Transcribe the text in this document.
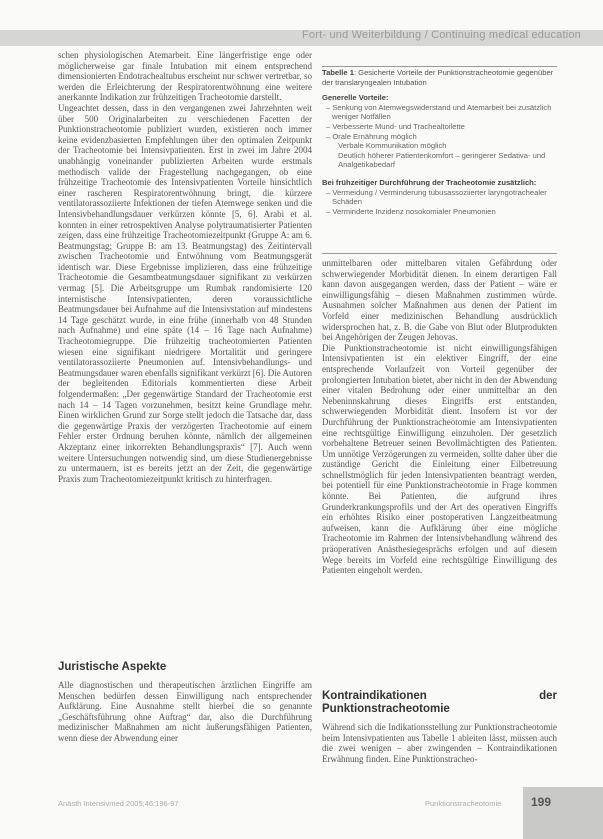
Fort- und Weiterbildung / Continuing medical education

schen physiologischen Atemarbeit. Eine längerfristige enge oder möglicherweise gar finale Intubation mit einem entsprechend dimensionierten Endotrachealtubus erscheint nur schwer vertretbar, so werden die Erleichterung der Respiratorentwöhnung eine weitere anerkannte Indikation zur frühzeitigen Tracheotomie darstellt.

Ungeachtet dessen, dass in den vergangenen zwei Jahrzehnten weit über 500 Originalarbeiten zu verschiedenen Facetten der Punktionstracheotomie publiziert wurden, existieren noch immer keine evidenzbasierten Empfehlungen über den optimalen Zeitpunkt der Tracheotomie bei Intensivpatienten. Erst in zwei im Jahre 2004 unabhängig voneinander publizierten Arbeiten wurde erstmals methodisch valide der Fragestellung nachgegangen, ob eine frühzeitige Tracheotomie des Intensivpatienten Vorteile hinsichtlich einer rascheren Respiratorentwöhnung bringt, die kürzere ventilatorassoziierte Infektionen der tiefen Atemwege senken und die Intensivbehandlungsdauer verkürzen könnte [5, 6]. Arabi et al. konnten in einer retrospektiven Analyse polytraumatisierter Patienten zeigen, dass eine frühzeitige Tracheotomiezeitpunkt (Gruppe A: am 6. Beatmungstag; Gruppe B: am 13. Beatmungstag) des Zeitintervall zwischen Tracheotomie und Entwöhnung vom Beatmungsgerät identisch war. Diese Ergebnisse implizieren, dass eine frühzeitige Tracheotomie die Gesamtbeatmungsdauer signifikant zu verkürzen vermag [5]. Die Arbeitsgruppe um Rumbak randomisierte 120 internistische Intensivpatienten, deren voraussichtliche Beatmungsdauer bei Aufnahme auf die Intensivstation auf mindestens 14 Tage geschätzt wurde, in eine frühe (innerhalb von 48 Stunden nach Aufnahme) und eine späte (14 – 16 Tage nach Aufnahme) Tracheotomiegruppe. Die frühzeitig tracheotomierten Patienten wiesen eine signifikant niedrigere Mortalität und geringere ventilatorassoziierte Pneumonien auf. Intensivbehandlungs- und Beatmungsdauer waren ebenfalls signifikant verkürzt [6]. Die Autoren der begleitenden Editorials kommentierten diese Arbeit folgendermaßen: „Der gegenwärtige Standard der Tracheotomie erst nach 14 – 14 Tagen vorzunehmen, besitzt keine Grundlage mehr. Einen wirklichen Grund zur Sorge stellt jedoch die Tatsache dar, dass die gegenwärtige Praxis der verzögerten Tracheotomie auf einem Fehler erster Ordnung beruhen könnte, nämlich der allgemeinen Akzeptanz einer inkorrekten Behandlungspraxis“ [7]. Auch wenn weitere Untersuchungen notwendig sind, um diese Studienergebnisse zu untermauern, ist es bereits jetzt an der Zeit, die gegenwärtige Praxis zum Tracheotomiezeitpunkt kritisch zu hinterfragen.

Juristische Aspekte

Alle diagnostischen und therapeutischen ärztlichen Eingriffe am Menschen bedürfen dessen Einwilligung nach entsprechender Aufklärung. Eine Ausnahme stellt hierbei die so genannte „Geschäftsführung ohne Auftrag“ dar, also die Durchführung medizinischer Maßnahmen am nicht äußerungsfähigen Patienten, wenn diese der Abwendung einer

Tabelle 1: Gesicherte Vorteile der Punktionstracheotomie gegenüber der translaryngealen Intubation
Generelle Vorteile:
– Senkung von Atemwegswiderstand und Atemarbeit bei zusätzlich weniger Notfällen
– Verbesserte Mund- und Trachealtoilette
– Orale Ernährung möglich
Verbale Kommunikation möglich
Deutlich höherer Patientenkomfort – geringerer Sedativa- und Analgetikabedarf
Bei frühzeitiger Durchführung der Tracheotomie zusätzlich:
– Vermeidung / Verminderung tubusassoziierter laryngotrachealer Schäden
– Verminderte Inzidenz nosokomialer Pneumonien

unmittelbaren oder mittelbaren vitalen Gefährdung oder schwerwiegender Morbidität dienen. In einem derartigen Fall kann davon ausgegangen werden, dass der Patient – wäre er einwilligungsfähig – diesen Maßnahmen zustimmen würde. Ausnahmen solcher Maßnahmen aus denen der Patient im Vorfeld einer medizinischen Behandlung ausdrücklich widersprochen hat, z. B. die Gabe von Blut oder Blutprodukten bei Angehörigen der Zeugen Jehovas.

Die Punktionstracheotomie ist nicht einwilligungsfähigen Intensivpatienten ist ein elektiver Eingriff, der eine entsprechende Vorlaufzeit von Vorteil gegenüber der prolongierten Intubation bietet, aber nicht in den der Abwendung einer vitalen Bedrohung oder einer unmittelbar an den Nebeninnskahrung dieses Eingriffs erst entstanden, schwerwiegenden Morbidität dient. Insofern ist vor der Durchführung der Punktionstracheotomie am Intensivpatienten eine rechtsgültige Einwilligung einzuholen. Der gesetzlich vorbehaltene Betreuer seinen Bevollmächtigten des Patienten. Um unnötige Verzögerungen zu vermeiden, sollte daher über die zuständige Gericht die Einleitung einer Eilbetreuung schnellstmöglich für jeden Intensivpatienten beantragt werden, bei potentiell für eine Punktionstracheotomie in Frage kommen könnte. Bei Patienten, die aufgrund ihres Grunderkrankungsprofils und der Art des operativen Eingriffs ein erhöhtes Risiko einer postoperativen Langzeitbeatmung aufweisen, kann die Aufklärung über eine mögliche Tracheotomie im Rahmen der Intensivbehandlung während des präoperativen Anästhesiegesprächs erfolgen und auf diesem Wege bereits im Vorfeld eine rechtsgültige Einwilligung des Patienten eingeholt werden.

Kontraindikationen der Punktionstracheotomie

Während sich die Indikationsstellung zur Punktionstracheotomie beim Intensivpatienten aus Tabelle 1 ableiten lässt, müssen auch die zwei wenigen – aber zwingenden – Kontraindikationen Erwähnung finden. Eine Punktionstracheo-

Anästh Intensivmed 2005;46:196-97	Punktionstracheotomie 199
